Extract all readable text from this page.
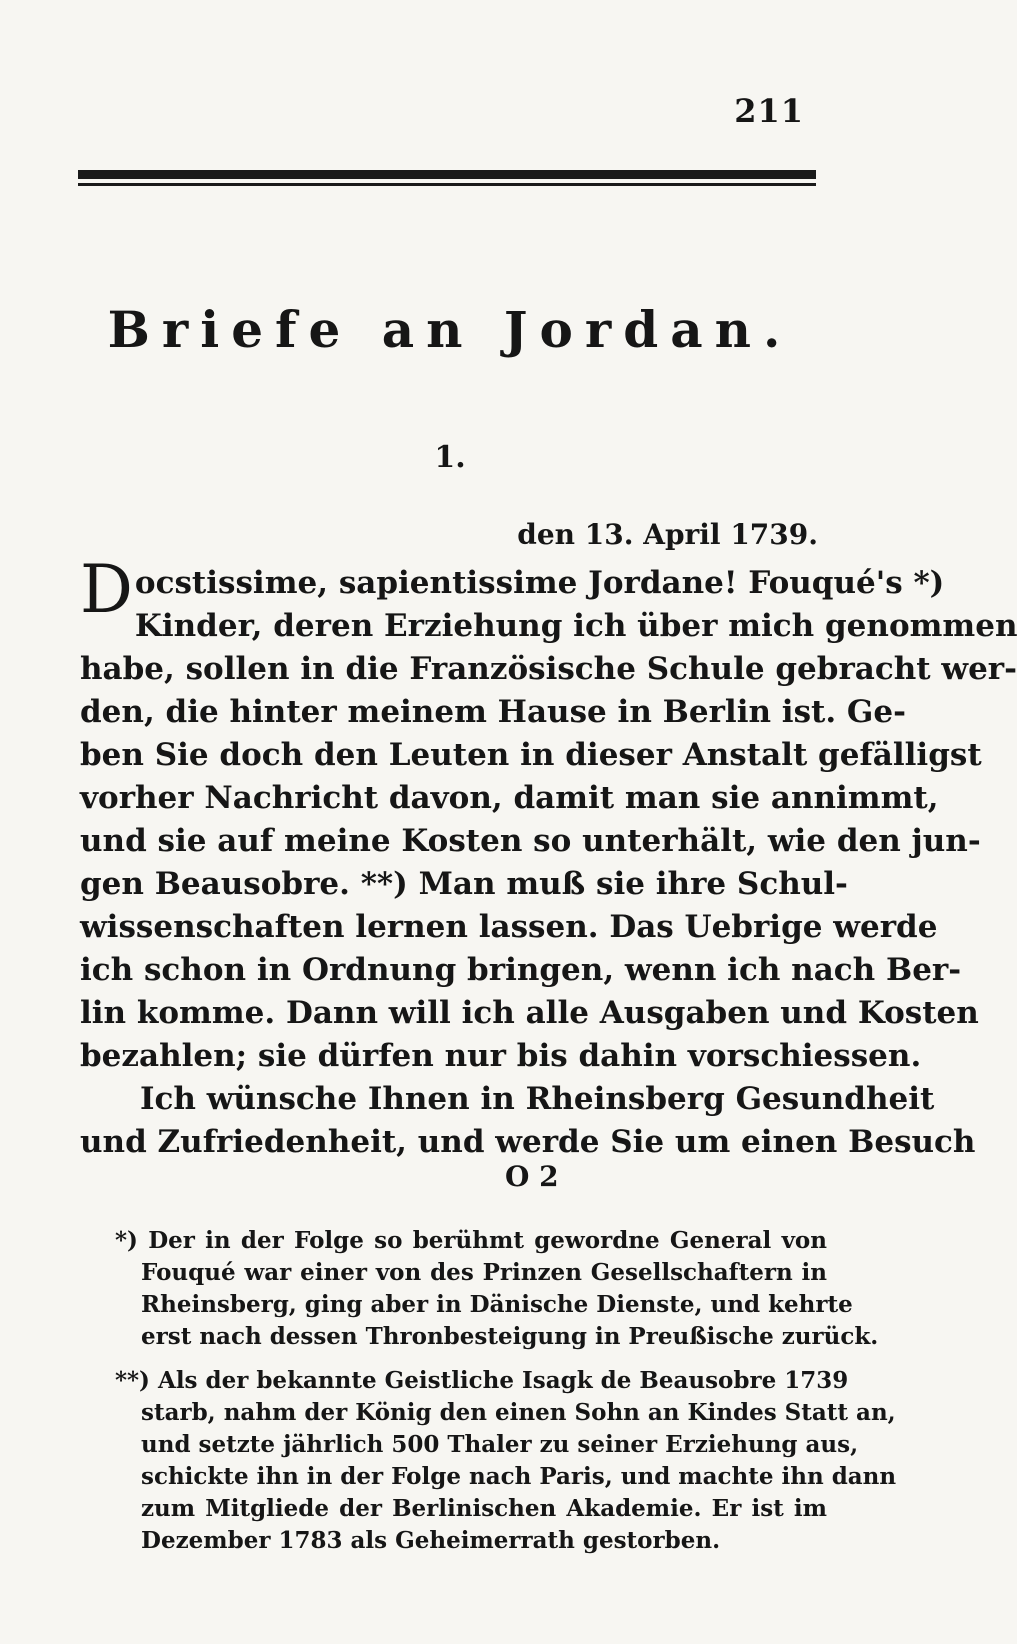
211
Briefe an Jordan.
1.
den 13. April 1739.
D ocstissime, sapientissime Jordane! Fouqué's *)
Kinder, deren Erziehung ich über mich genommen
habe, sollen in die Französische Schule gebracht wer-
den, die hinter meinem Hause in Berlin ist. Ge-
ben Sie doch den Leuten in dieser Anstalt gefälligst
vorher Nachricht davon, damit man sie annimmt,
und sie auf meine Kosten so unterhält, wie den jun-
gen Beausobre. **) Man muß sie ihre Schul-
wissenschaften lernen lassen. Das Uebrige werde
ich schon in Ordnung bringen, wenn ich nach Ber-
lin komme. Dann will ich alle Ausgaben und Kosten
bezahlen; sie dürfen nur bis dahin vorschiessen.
Ich wünsche Ihnen in Rheinsberg Gesundheit
und Zufriedenheit, und werde Sie um einen Besuch
O 2
*) Der in der Folge so berühmt gewordne General von
Fouqué war einer von des Prinzen Gesellschaftern in
Rheinsberg, ging aber in Dänische Dienste, und kehrte
erst nach dessen Thronbesteigung in Preußische zurück.
**) Als der bekannte Geistliche Isagk de Beausobre 1739
starb, nahm der König den einen Sohn an Kindes Statt an,
und setzte jährlich 500 Thaler zu seiner Erziehung aus,
schickte ihn in der Folge nach Paris, und machte ihn dann
zum Mitgliede der Berlinischen Akademie. Er ist im
Dezember 1783 als Geheimerrath gestorben.
